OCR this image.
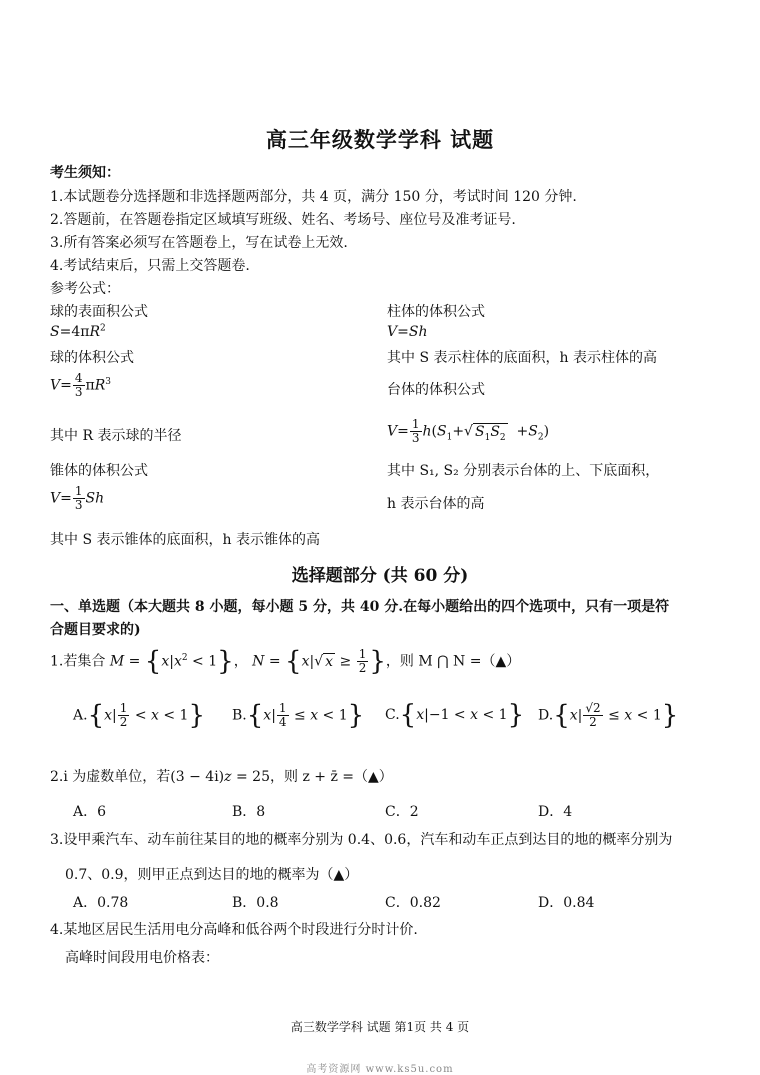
高三年级数学学科 试题
考生须知：
1.本试题卷分选择题和非选择题两部分，共 4 页，满分 150 分，考试时间 120 分钟.
2.答题前，在答题卷指定区域填写班级、姓名、考场号、座位号及准考证号.
3.所有答案必须写在答题卷上，写在试卷上无效.
4.考试结束后，只需上交答题卷.
参考公式：
球的表面积公式
$S=4\pi R^2$
球的体积公式
$V= \frac{4}{3} \pi R^3$
其中 R 表示球的半径
锥体的体积公式
$V= \frac{1}{3}$ Sh
其中 S 表示锥体的底面积，h 表示锥体的高
柱体的体积公式
V=Sh
其中 S 表示柱体的底面积，h 表示柱体的高
台体的体积公式
$V= \frac{1}{3} h(S_1+√$ $S_1S_2 +S_2$)
其中 S₁, S₂ 分别表示台体的上、下底面积，
h 表示台体的高
选择题部分 (共 60 分)
一、单选题（本大题共 8 小题，每小题 5 分，共 40 分.在每小题给出的四个选项中，只有一项是符
合题目要求的)
1.若集合 $M = \{x|x^2 < 1\}$， N = {x|√ $x \ge \frac{1}{2}$ }，则 M ⋂ N =（▲）
$A.\{x| \frac{1}{2} < x < 1\}$ $B.\{x| \frac{1}{4} \le x < 1\}$ C.{x|−1 < x < 1} $D.\{x| \frac{√2}{2} \le x < 1\}$
2.i 为虚数单位，若(3 − 4i)z = 25，则 z + z̄ =（▲）
A．6	B．8	C．2	D．4
3.设甲乘汽车、动车前往某目的地的概率分别为 0.4、0.6，汽车和动车正点到达目的地的概率分别为
0.7、0.9，则甲正点到达目的地的概率为（▲）
A．0.78	B．0.8	C．0.82	D．0.84
4.某地区居民生活用电分高峰和低谷两个时段进行分时计价.
高峰时间段用电价格表：
高三数学学科 试题 第1页 共 4 页
高考资源网 www.ks5u.com
